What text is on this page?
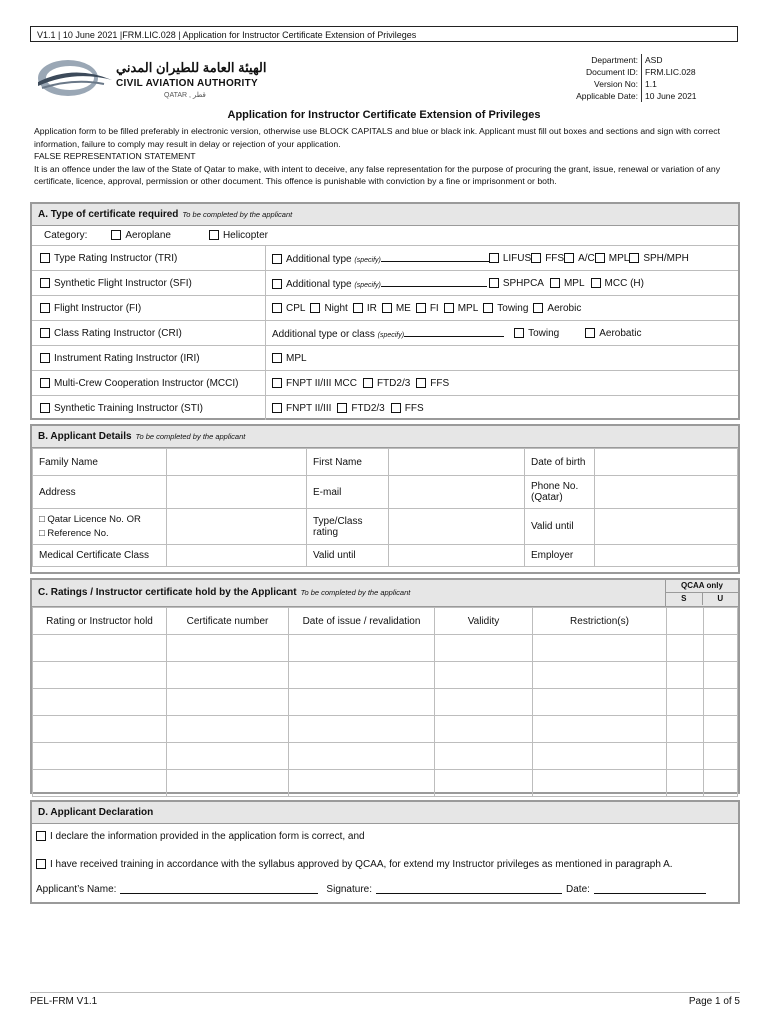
V1.1 | 10 June 2021 |FRM.LIC.028 | Application for Instructor Certificate Extension of Privileges
الهيئة العامة للطيران المدني
CIVIL AVIATION AUTHORITY
QATAR , قطر
Department:	ASD
Document ID:	FRM.LIC.028
Version No:	1.1
Applicable Date:	10 June 2021
Application for Instructor Certificate Extension of Privileges

Application form to be filled preferably in electronic version, otherwise use BLOCK CAPITALS and blue or black ink. Applicant must fill out boxes and sections and sign with correct information, failure to comply may result in delay or rejection of your application.

FALSE REPRESENTATION STATEMENT

It is an offence under the law of the State of Qatar to make, with intent to deceive, any false representation for the purpose of procuring the grant, issue, renewal or variation of any certificate, licence, approval, permission or other document. This offence is punishable with conviction by a fine or imprisonment or both.

A. Type of certificate required To be completed by the applicant
Category:	Aeroplane	Helicopter
Type Rating Instructor (TRI)	Additional type (specify)	LIFUS	FFS	A/C	MPL	SPH/MPH
Synthetic Flight Instructor (SFI)	Additional type (specify)	SPHPCA	MPL	MCC (H)
Flight Instructor (FI)	CPL	Night	IR	ME	FI	MPL	Towing	Aerobic
Class Rating Instructor (CRI)	Additional type or class (specify)	Towing	Aerobatic
Instrument Rating Instructor (IRI)	MPL
Multi-Crew Cooperation Instructor (MCCI)	FNPT II/III MCC	FTD2/3	FFS
Synthetic Training Instructor (STI)	FNPT II/III	FTD2/3	FFS
B. Applicant Details To be completed by the applicant
Family Name		First Name		Date of birth	
Address		E-mail		Phone No. (Qatar)	

□ Qatar Licence No. OR
□ Reference No.		Type/Class rating		Valid until	
Medical Certificate Class		Valid until		Employer	
C. Ratings / Instructor certificate hold by the Applicant To be completed by the applicant
QCAA only
S	U
Rating or Instructor hold	Certificate number	Date of issue / revalidation	Validity	Restriction(s)		

D. Applicant Declaration
I declare the information provided in the application form is correct, and
I have received training in accordance with the syllabus approved by QCAA, for extend my Instructor privileges as mentioned in paragraph A.
Applicant’s Name:	Signature:	Date:
PEL-FRM V1.1	Page 1 of 5
